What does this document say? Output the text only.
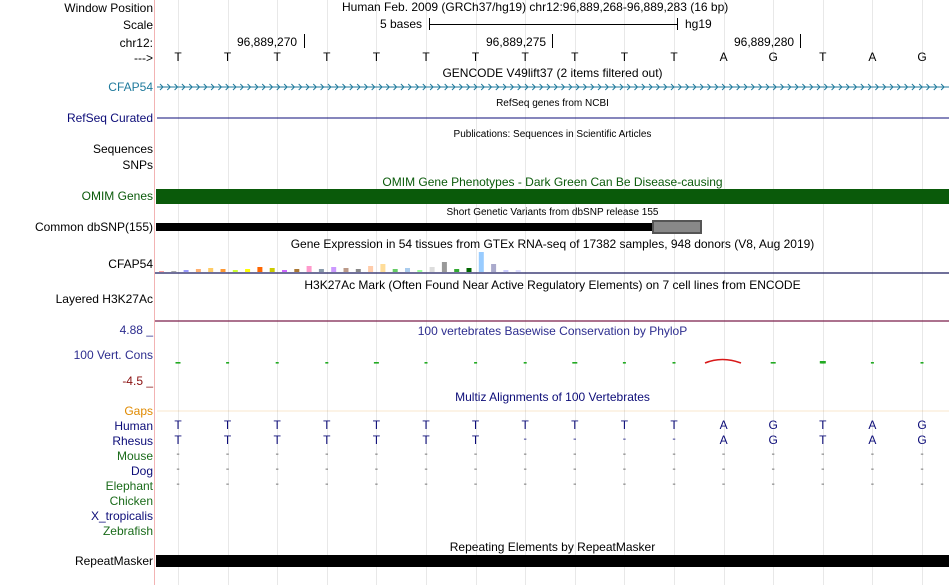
Window Position
Scale
chr12:
--->
Human Feb. 2009 (GRCh37/hg19) chr12:96,889,268-96,889,283 (16 bp)
5 bases	hg19
96,889,270	96,889,275	96,889,280
T	T	T	T	T	T	T	T	T	T	T	A	G	T	A	G
GENCODE V49lift37 (2 items filtered out)
CFAP54
RefSeq genes from NCBI
RefSeq Curated
Publications: Sequences in Scientific Articles
Sequences
SNPs
OMIM Gene Phenotypes - Dark Green Can Be Disease-causing
OMIM Genes
Short Genetic Variants from dbSNP release 155
Common dbSNP(155)
Gene Expression in 54 tissues from GTEx RNA-seq of 17382 samples, 948 donors (V8, Aug 2019)
CFAP54
H3K27Ac Mark (Often Found Near Active Regulatory Elements) on 7 cell lines from ENCODE
Layered H3K27Ac
100 vertebrates Basewise Conservation by PhyloP
4.88 _
100 Vert. Cons
-4.5 _
Multiz Alignments of 100 Vertebrates
Gaps
Human	T	T	T	T	T	T	T	T	T	T	T	A	G	T	A	G
Rhesus	T	T	T	T	T	T	T	-	-	-	-	A	G	T	A	G
Mouse	-	-	-	-	-	-	-	-	-	-	-	-	-	-	-	-
Dog	-	-	-	-	-	-	-	-	-	-	-	-	-	-	-	-
Elephant	-	-	-	-	-	-	-	-	-	-	-	-	-	-	-	-
Chicken
X_tropicalis
Zebrafish
Repeating Elements by RepeatMasker
RepeatMasker
